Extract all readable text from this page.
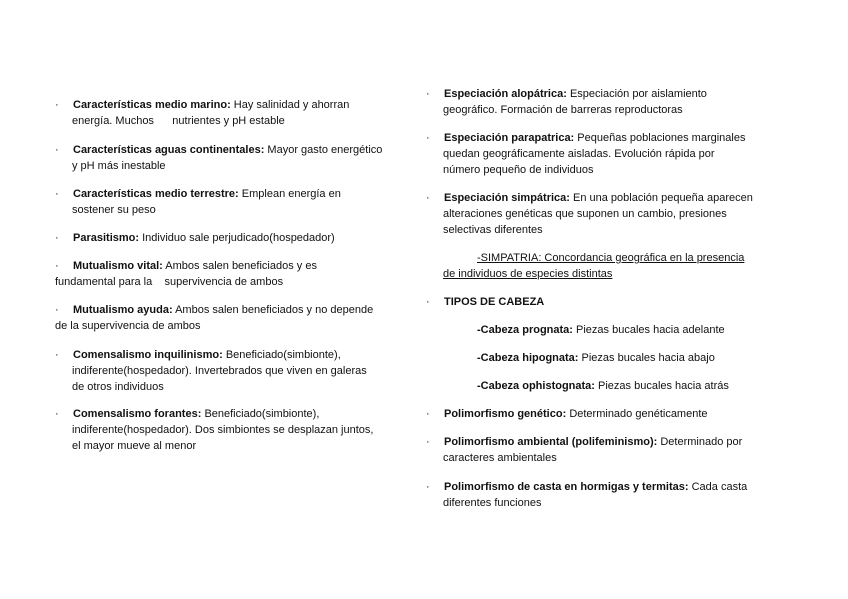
· Características medio marino: Hay salinidad y ahorran
energía. Muchos      nutrientes y pH estable
· Características aguas continentales: Mayor gasto energético
y pH más inestable
· Características medio terrestre: Emplean energía en
sostener su peso
· Parasitismo: Individuo sale perjudicado(hospedador)
· Mutualismo vital: Ambos salen beneficiados y es
fundamental para la    supervivencia de ambos
· Mutualismo ayuda: Ambos salen beneficiados y no depende
de la supervivencia de ambos
· Comensalismo inquilinismo: Beneficiado(simbionte),
indiferente(hospedador). Invertebrados que viven en galeras
de otros individuos
· Comensalismo forantes: Beneficiado(simbionte),
indiferente(hospedador). Dos simbiontes se desplazan juntos,
el mayor mueve al menor
· Especiación alopátrica: Especiación por aislamiento
geográfico. Formación de barreras reproductoras
· Especiación parapatrica: Pequeñas poblaciones marginales
quedan geográficamente aisladas. Evolución rápida por
número pequeño de individuos
· Especiación simpátrica: En una población pequeña aparecen
alteraciones genéticas que suponen un cambio, presiones
selectivas diferentes
-SIMPATRIA: Concordancia geográfica en la presencia
de individuos de especies distintas
· TIPOS DE CABEZA
-Cabeza prognata: Piezas bucales hacia adelante
-Cabeza hipognata: Piezas bucales hacia abajo
-Cabeza ophistognata: Piezas bucales hacia atrás
· Polimorfismo genético: Determinado genéticamente
· Polimorfismo ambiental (polifeminismo): Determinado por
caracteres ambientales
· Polimorfismo de casta en hormigas y termitas: Cada casta
diferentes funciones
